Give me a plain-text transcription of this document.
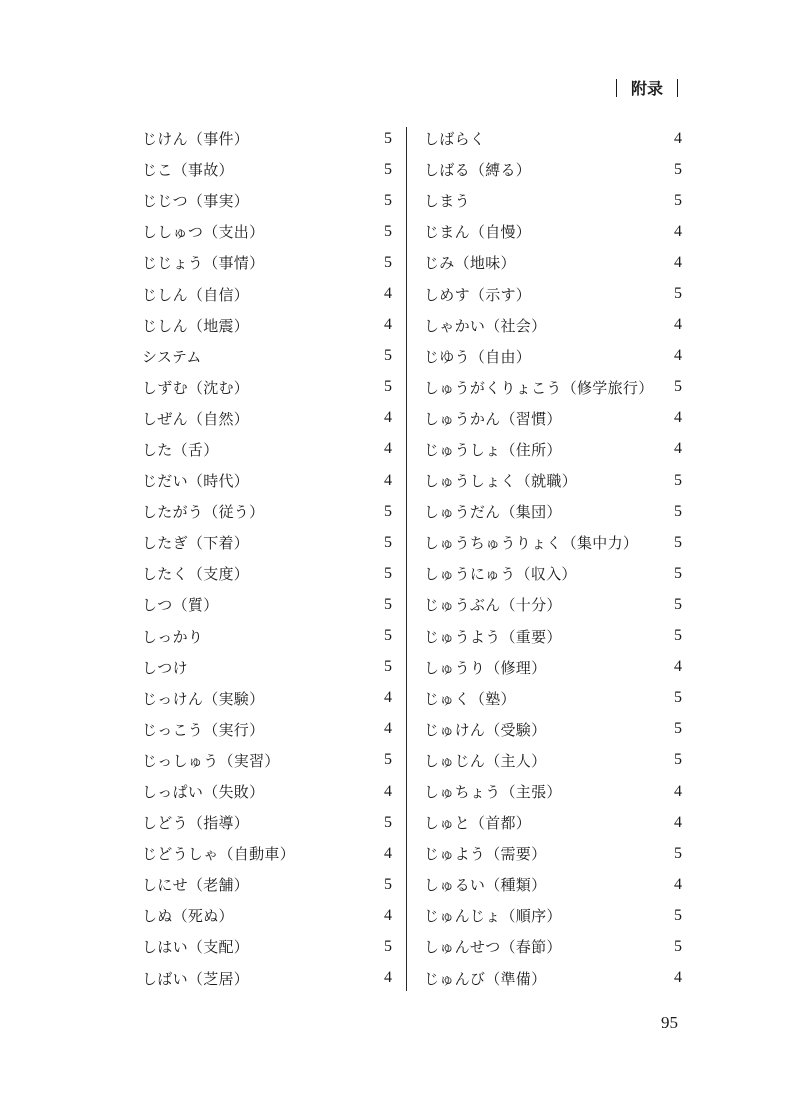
附录
じけん（事件）	5
じこ（事故）	5
じじつ（事実）	5
ししゅつ（支出）	5
じじょう（事情）	5
じしん（自信）	4
じしん（地震）	4
システム	5
しずむ（沈む）	5
しぜん（自然）	4
した（舌）	4
じだい（時代）	4
したがう（従う）	5
したぎ（下着）	5
したく（支度）	5
しつ（質）	5
しっかり	5
しつけ	5
じっけん（実験）	4
じっこう（実行）	4
じっしゅう（実習）	5
しっぱい（失敗）	4
しどう（指導）	5
じどうしゃ（自動車）	4
しにせ（老舗）	5
しぬ（死ぬ）	4
しはい（支配）	5
しばい（芝居）	4
しばらく	4
しばる（縛る）	5
しまう	5
じまん（自慢）	4
じみ（地味）	4
しめす（示す）	5
しゃかい（社会）	4
じゆう（自由）	4
しゅうがくりょこう（修学旅行） 5
しゅうかん（習慣）	4
じゅうしょ（住所）	4
しゅうしょく（就職）	5
しゅうだん（集団）	5
しゅうちゅうりょく（集中力） 5
しゅうにゅう（収入）	5
じゅうぶん（十分）	5
じゅうよう（重要）	5
しゅうり（修理）	4
じゅく（塾）	5
じゅけん（受験）	5
しゅじん（主人）	5
しゅちょう（主張）	4
しゅと（首都）	4
じゅよう（需要）	5
しゅるい（種類）	4
じゅんじょ（順序）	5
しゅんせつ（春節）	5
じゅんび（準備）	4
95
